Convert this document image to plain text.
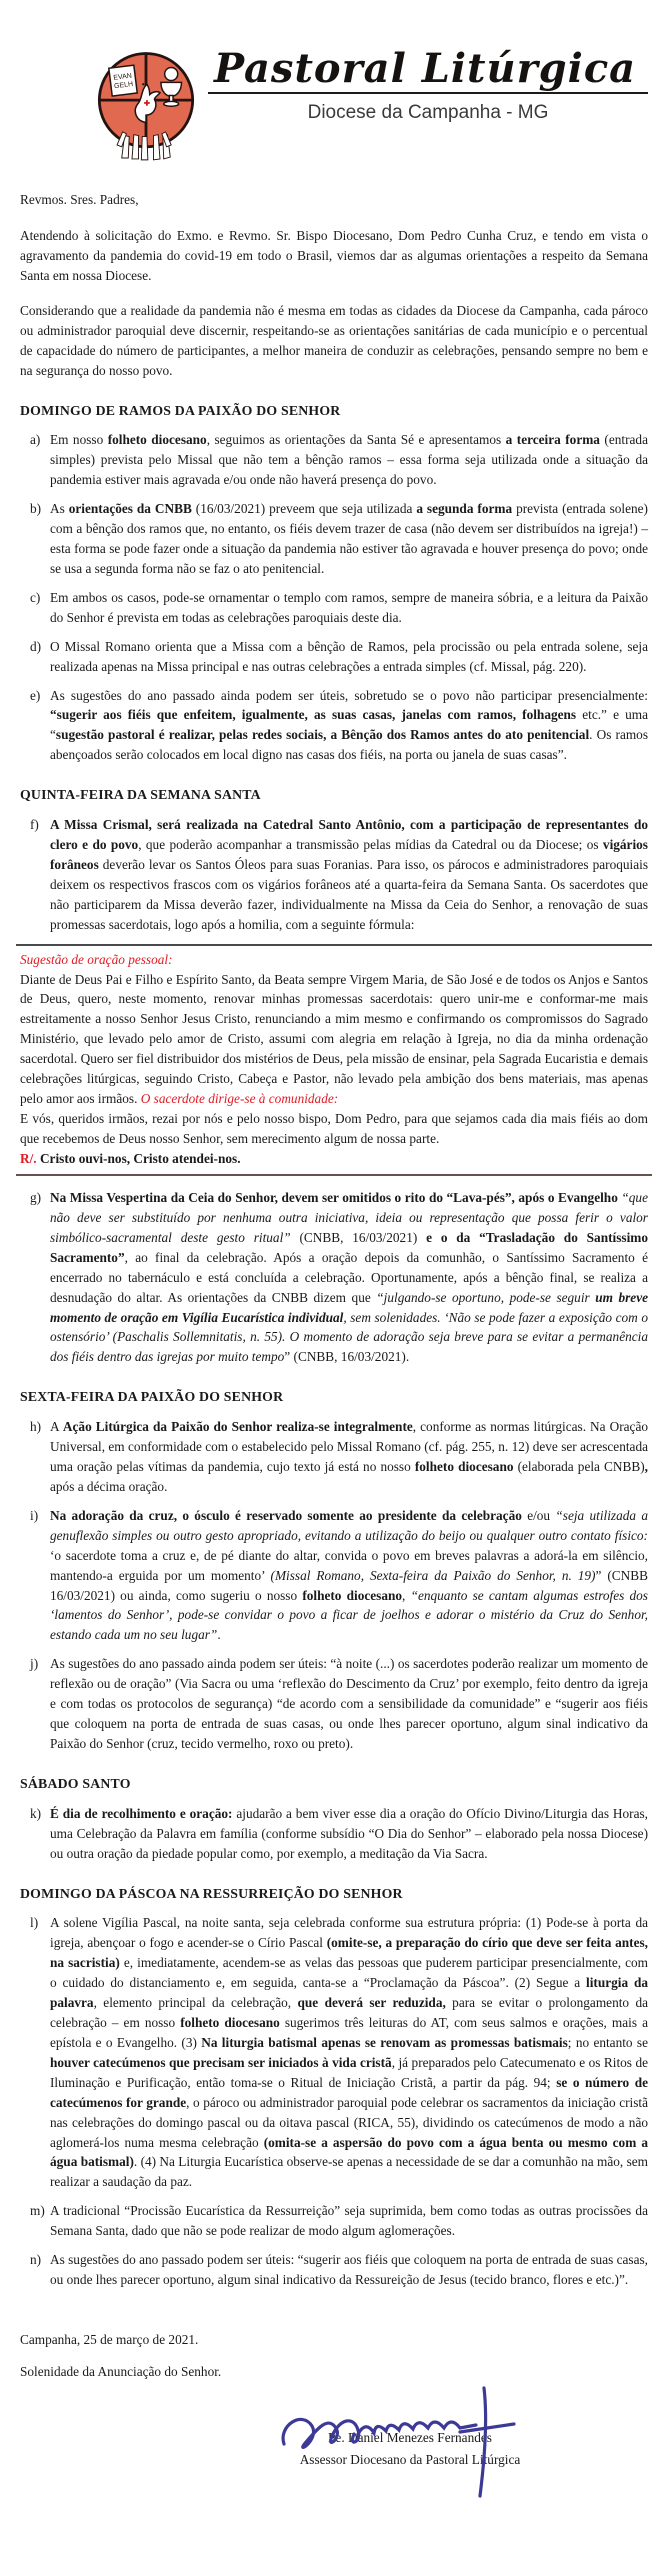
EVAN
GELH Pastoral Litúrgica
Diocese da Campanha - MG

Revmos. Sres. Padres,

Atendendo à solicitação do Exmo. e Revmo. Sr. Bispo Diocesano, Dom Pedro Cunha Cruz, e tendo em vista o agravamento da pandemia do covid-19 em todo o Brasil, viemos dar as algumas orientações a respeito da Semana Santa em nossa Diocese.

Considerando que a realidade da pandemia não é mesma em todas as cidades da Diocese da Campanha, cada pároco ou administrador paroquial deve discernir, respeitando-se as orientações sanitárias de cada município e o percentual de capacidade do número de participantes, a melhor maneira de conduzir as celebrações, pensando sempre no bem e na segurança do nosso povo.

DOMINGO DE RAMOS DA PAIXÃO DO SENHOR
a) Em nosso folheto diocesano, seguimos as orientações da Santa Sé e apresentamos a terceira forma (entrada simples) prevista pelo Missal que não tem a bênção ramos – essa forma seja utilizada onde a situação da pandemia estiver mais agravada e/ou onde não haverá presença do povo.
b) As orientações da CNBB (16/03/2021) preveem que seja utilizada a segunda forma prevista (entrada solene) com a bênção dos ramos que, no entanto, os fiéis devem trazer de casa (não devem ser distribuídos na igreja!) – esta forma se pode fazer onde a situação da pandemia não estiver tão agravada e houver presença do povo; onde se usa a segunda forma não se faz o ato penitencial.
c) Em ambos os casos, pode-se ornamentar o templo com ramos, sempre de maneira sóbria, e a leitura da Paixão do Senhor é prevista em todas as celebrações paroquiais deste dia.
d) O Missal Romano orienta que a Missa com a bênção de Ramos, pela procissão ou pela entrada solene, seja realizada apenas na Missa principal e nas outras celebrações a entrada simples (cf. Missal, pág. 220).
e) As sugestões do ano passado ainda podem ser úteis, sobretudo se o povo não participar presencialmente: “sugerir aos fiéis que enfeitem, igualmente, as suas casas, janelas com ramos, folhagens etc.” e uma “sugestão pastoral é realizar, pelas redes sociais, a Bênção dos Ramos antes do ato penitencial. Os ramos abençoados serão colocados em local digno nas casas dos fiéis, na porta ou janela de suas casas”.
QUINTA-FEIRA DA SEMANA SANTA
f) A Missa Crismal, será realizada na Catedral Santo Antônio, com a participação de representantes do clero e do povo, que poderão acompanhar a transmissão pelas mídias da Catedral ou da Diocese; os vigários forâneos deverão levar os Santos Óleos para suas Foranias. Para isso, os párocos e administradores paroquiais deixem os respectivos frascos com os vigários forâneos até a quarta-feira da Semana Santa. Os sacerdotes que não participarem da Missa deverão fazer, individualmente na Missa da Ceia do Senhor, a renovação de suas promessas sacerdotais, logo após a homilia, com a seguinte fórmula:

Sugestão de oração pessoal:

Diante de Deus Pai e Filho e Espírito Santo, da Beata sempre Virgem Maria, de São José e de todos os Anjos e Santos de Deus, quero, neste momento, renovar minhas promessas sacerdotais: quero unir-me e conformar-me mais estreitamente a nosso Senhor Jesus Cristo, renunciando a mim mesmo e confirmando os compromissos do Sagrado Ministério, que levado pelo amor de Cristo, assumi com alegria em relação à Igreja, no dia da minha ordenação sacerdotal. Quero ser fiel distribuidor dos mistérios de Deus, pela missão de ensinar, pela Sagrada Eucaristia e demais celebrações litúrgicas, seguindo Cristo, Cabeça e Pastor, não levado pela ambição dos bens materiais, mas apenas pelo amor aos irmãos. O sacerdote dirige-se à comunidade:

E vós, queridos irmãos, rezai por nós e pelo nosso bispo, Dom Pedro, para que sejamos cada dia mais fiéis ao dom que recebemos de Deus nosso Senhor, sem merecimento algum de nossa parte.

R/. Cristo ouvi-nos, Cristo atendei-nos.

g) Na Missa Vespertina da Ceia do Senhor, devem ser omitidos o rito do “Lava-pés”, após o Evangelho “que não deve ser substituído por nenhuma outra iniciativa, ideia ou representação que possa ferir o valor simbólico-sacramental deste gesto ritual” (CNBB, 16/03/2021) e o da “Trasladação do Santíssimo Sacramento”, ao final da celebração. Após a oração depois da comunhão, o Santíssimo Sacramento é encerrado no tabernáculo e está concluída a celebração. Oportunamente, após a bênção final, se realiza a desnudação do altar. As orientações da CNBB dizem que “julgando-se oportuno, pode-se seguir um breve momento de oração em Vigília Eucarística individual, sem solenidades. ‘Não se pode fazer a exposição com o ostensório’ (Paschalis Sollemnitatis, n. 55). O momento de adoração seja breve para se evitar a permanência dos fiéis dentro das igrejas por muito tempo” (CNBB, 16/03/2021).
SEXTA-FEIRA DA PAIXÃO DO SENHOR
h) A Ação Litúrgica da Paixão do Senhor realiza-se integralmente, conforme as normas litúrgicas. Na Oração Universal, em conformidade com o estabelecido pelo Missal Romano (cf. pág. 255, n. 12) deve ser acrescentada uma oração pelas vítimas da pandemia, cujo texto já está no nosso folheto diocesano (elaborada pela CNBB), após a décima oração.
i) Na adoração da cruz, o ósculo é reservado somente ao presidente da celebração e/ou “seja utilizada a genuflexão simples ou outro gesto apropriado, evitando a utilização do beijo ou qualquer outro contato físico: ‘o sacerdote toma a cruz e, de pé diante do altar, convida o povo em breves palavras a adorá-la em silêncio, mantendo-a erguida por um momento’ (Missal Romano, Sexta-feira da Paixão do Senhor, n. 19)” (CNBB 16/03/2021) ou ainda, como sugeriu o nosso folheto diocesano, “enquanto se cantam algumas estrofes dos ‘lamentos do Senhor’, pode-se convidar o povo a ficar de joelhos e adorar o mistério da Cruz do Senhor, estando cada um no seu lugar”.
j) As sugestões do ano passado ainda podem ser úteis: “à noite (...) os sacerdotes poderão realizar um momento de reflexão ou de oração” (Via Sacra ou uma ‘reflexão do Descimento da Cruz’ por exemplo, feito dentro da igreja e com todas os protocolos de segurança) “de acordo com a sensibilidade da comunidade” e “sugerir aos fiéis que coloquem na porta de entrada de suas casas, ou onde lhes parecer oportuno, algum sinal indicativo da Paixão do Senhor (cruz, tecido vermelho, roxo ou preto).
SÁBADO SANTO
k) É dia de recolhimento e oração: ajudarão a bem viver esse dia a oração do Ofício Divino/Liturgia das Horas, uma Celebração da Palavra em família (conforme subsídio “O Dia do Senhor” – elaborado pela nossa Diocese) ou outra oração da piedade popular como, por exemplo, a meditação da Via Sacra.
DOMINGO DA PÁSCOA NA RESSURREIÇÃO DO SENHOR
l) A solene Vigília Pascal, na noite santa, seja celebrada conforme sua estrutura própria: (1) Pode-se à porta da igreja, abençoar o fogo e acender-se o Círio Pascal (omite-se, a preparação do círio que deve ser feita antes, na sacristia) e, imediatamente, acendem-se as velas das pessoas que puderem participar presencialmente, com o cuidado do distanciamento e, em seguida, canta-se a “Proclamação da Páscoa”. (2) Segue a liturgia da palavra, elemento principal da celebração, que deverá ser reduzida, para se evitar o prolongamento da celebração – em nosso folheto diocesano sugerimos três leituras do AT, com seus salmos e orações, mais a epístola e o Evangelho. (3) Na liturgia batismal apenas se renovam as promessas batismais; no entanto se houver catecúmenos que precisam ser iniciados à vida cristã, já preparados pelo Catecumenato e os Ritos de Iluminação e Purificação, então toma-se o Ritual de Iniciação Cristã, a partir da pág. 94; se o número de catecúmenos for grande, o pároco ou administrador paroquial pode celebrar os sacramentos da iniciação cristã nas celebrações do domingo pascal ou da oitava pascal (RICA, 55), dividindo os catecúmenos de modo a não aglomerá-los numa mesma celebração (omita-se a aspersão do povo com a água benta ou mesmo com a água batismal). (4) Na Liturgia Eucarística observe-se apenas a necessidade de se dar a comunhão na mão, sem realizar a saudação da paz.
m) A tradicional “Procissão Eucarística da Ressurreição” seja suprimida, bem como todas as outras procissões da Semana Santa, dado que não se pode realizar de modo algum aglomerações.
n) As sugestões do ano passado podem ser úteis: “sugerir aos fiéis que coloquem na porta de entrada de suas casas, ou onde lhes parecer oportuno, algum sinal indicativo da Ressureição de Jesus (tecido branco, flores e etc.)”.

Campanha, 25 de março de 2021.

Solenidade da Anunciação do Senhor.

Pe. Daniel Menezes Fernandes
Assessor Diocesano da Pastoral Litúrgica
